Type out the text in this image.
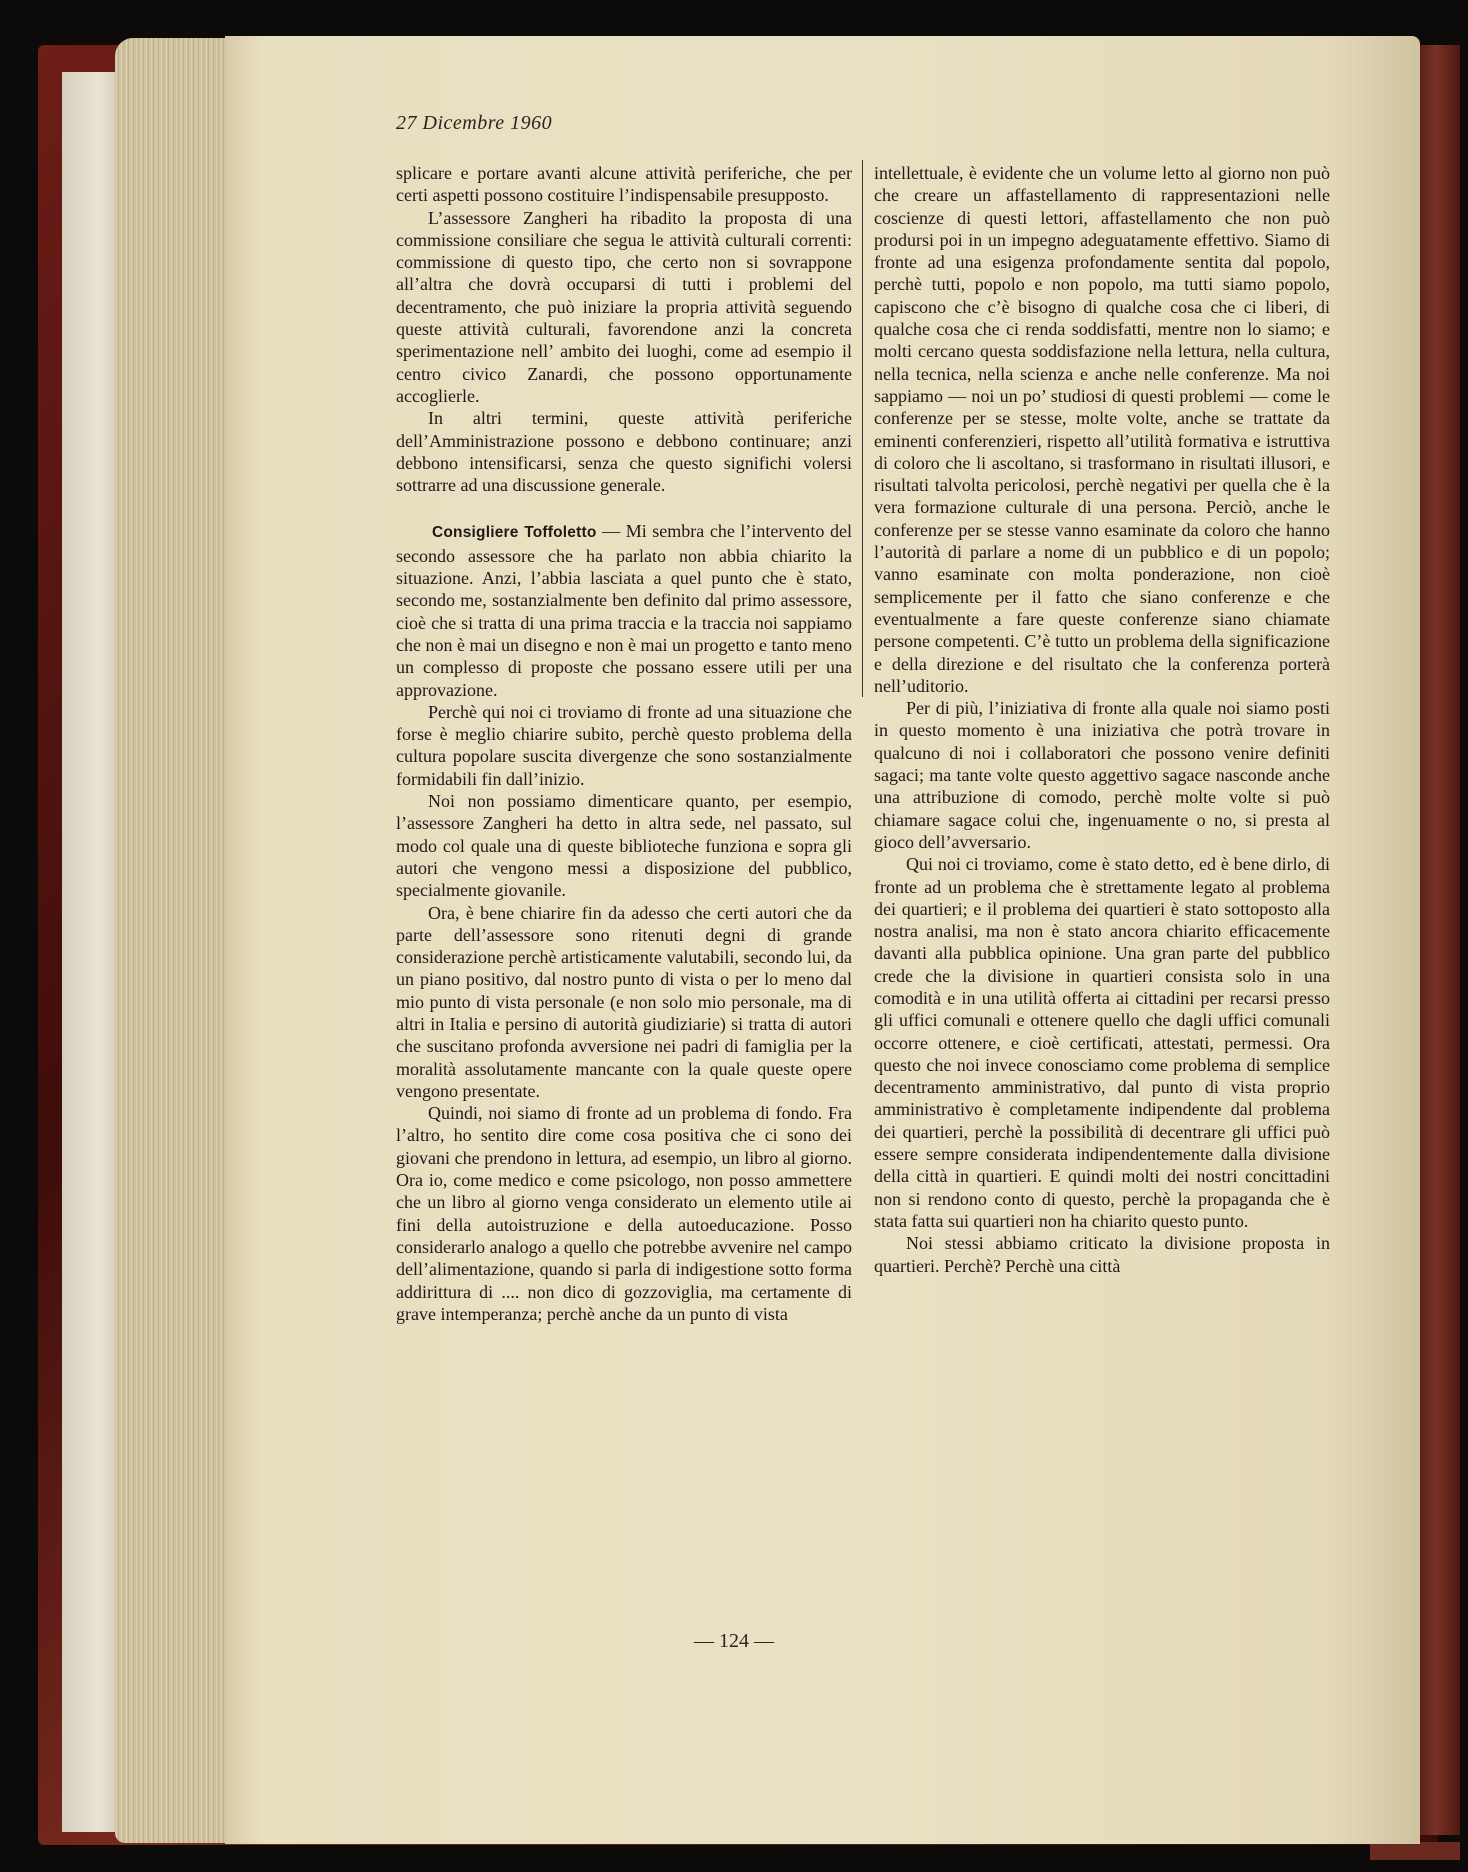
27 Dicembre 1960

splicare e portare avanti alcune attività periferiche, che per certi aspetti possono costituire l’indispensabile presupposto.

L’assessore Zangheri ha ribadito la proposta di una commissione consiliare che segua le attività culturali correnti: commissione di questo tipo, che certo non si sovrappone all’altra che dovrà occuparsi di tutti i problemi del decentramento, che può iniziare la propria attività seguendo queste attività culturali, favorendone anzi la concreta sperimentazione nell’ ambito dei luoghi, come ad esempio il centro civico Zanardi, che possono opportunamente accoglierle.

In altri termini, queste attività periferiche dell’Amministrazione possono e debbono continuare; anzi debbono intensificarsi, senza che questo significhi volersi sottrarre ad una discussione generale.

Consigliere Toffoletto — Mi sembra che l’intervento del secondo assessore che ha parlato non abbia chiarito la situazione. Anzi, l’abbia lasciata a quel punto che è stato, secondo me, sostanzialmente ben definito dal primo assessore, cioè che si tratta di una prima traccia e la traccia noi sappiamo che non è mai un disegno e non è mai un progetto e tanto meno un complesso di proposte che possano essere utili per una approvazione.

Perchè qui noi ci troviamo di fronte ad una situazione che forse è meglio chiarire subito, perchè questo problema della cultura popolare suscita divergenze che sono sostanzialmente formidabili fin dall’inizio.

Noi non possiamo dimenticare quanto, per esempio, l’assessore Zangheri ha detto in altra sede, nel passato, sul modo col quale una di queste biblioteche funziona e sopra gli autori che vengono messi a disposizione del pubblico, specialmente giovanile.

Ora, è bene chiarire fin da adesso che certi autori che da parte dell’assessore sono ritenuti degni di grande considerazione perchè artisticamente valutabili, secondo lui, da un piano positivo, dal nostro punto di vista o per lo meno dal mio punto di vista personale (e non solo mio personale, ma di altri in Italia e persino di autorità giudiziarie) si tratta di autori che suscitano profonda avversione nei padri di famiglia per la moralità assolutamente mancante con la quale queste opere vengono presentate.

Quindi, noi siamo di fronte ad un problema di fondo. Fra l’altro, ho sentito dire come cosa positiva che ci sono dei giovani che prendono in lettura, ad esempio, un libro al giorno. Ora io, come medico e come psicologo, non posso ammettere che un libro al giorno venga considerato un elemento utile ai fini della autoistruzione e della autoeducazione. Posso considerarlo analogo a quello che potrebbe avvenire nel campo dell’alimentazione, quando si parla di indigestione sotto forma addirittura di .... non dico di gozzoviglia, ma certamente di grave intemperanza; perchè anche da un punto di vista

intellettuale, è evidente che un volume letto al giorno non può che creare un affastellamento di rappresentazioni nelle coscienze di questi lettori, affastellamento che non può prodursi poi in un impegno adeguatamente effettivo. Siamo di fronte ad una esigenza profondamente sentita dal popolo, perchè tutti, popolo e non popolo, ma tutti siamo popolo, capiscono che c’è bisogno di qualche cosa che ci liberi, di qualche cosa che ci renda soddisfatti, mentre non lo siamo; e molti cercano questa soddisfazione nella lettura, nella cultura, nella tecnica, nella scienza e anche nelle conferenze. Ma noi sappiamo — noi un po’ studiosi di questi problemi — come le conferenze per se stesse, molte volte, anche se trattate da eminenti conferenzieri, rispetto all’utilità formativa e istruttiva di coloro che li ascoltano, si trasformano in risultati illusori, e risultati talvolta pericolosi, perchè negativi per quella che è la vera formazione culturale di una persona. Perciò, anche le conferenze per se stesse vanno esaminate da coloro che hanno l’autorità di parlare a nome di un pubblico e di un popolo; vanno esaminate con molta ponderazione, non cioè semplicemente per il fatto che siano conferenze e che eventualmente a fare queste conferenze siano chiamate persone competenti. C’è tutto un problema della significazione e della direzione e del risultato che la conferenza porterà nell’uditorio.

Per di più, l’iniziativa di fronte alla quale noi siamo posti in questo momento è una iniziativa che potrà trovare in qualcuno di noi i collaboratori che possono venire definiti sagaci; ma tante volte questo aggettivo sagace nasconde anche una attribuzione di comodo, perchè molte volte si può chiamare sagace colui che, ingenuamente o no, si presta al gioco dell’avversario.

Qui noi ci troviamo, come è stato detto, ed è bene dirlo, di fronte ad un problema che è strettamente legato al problema dei quartieri; e il problema dei quartieri è stato sottoposto alla nostra analisi, ma non è stato ancora chiarito efficacemente davanti alla pubblica opinione. Una gran parte del pubblico crede che la divisione in quartieri consista solo in una comodità e in una utilità offerta ai cittadini per recarsi presso gli uffici comunali e ottenere quello che dagli uffici comunali occorre ottenere, e cioè certificati, attestati, permessi. Ora questo che noi invece conosciamo come problema di semplice decentramento amministrativo, dal punto di vista proprio amministrativo è completamente indipendente dal problema dei quartieri, perchè la possibilità di decentrare gli uffici può essere sempre considerata indipendentemente dalla divisione della città in quartieri. E quindi molti dei nostri concittadini non si rendono conto di questo, perchè la propaganda che è stata fatta sui quartieri non ha chiarito questo punto.

Noi stessi abbiamo criticato la divisione proposta in quartieri. Perchè? Perchè una città

— 124 —
